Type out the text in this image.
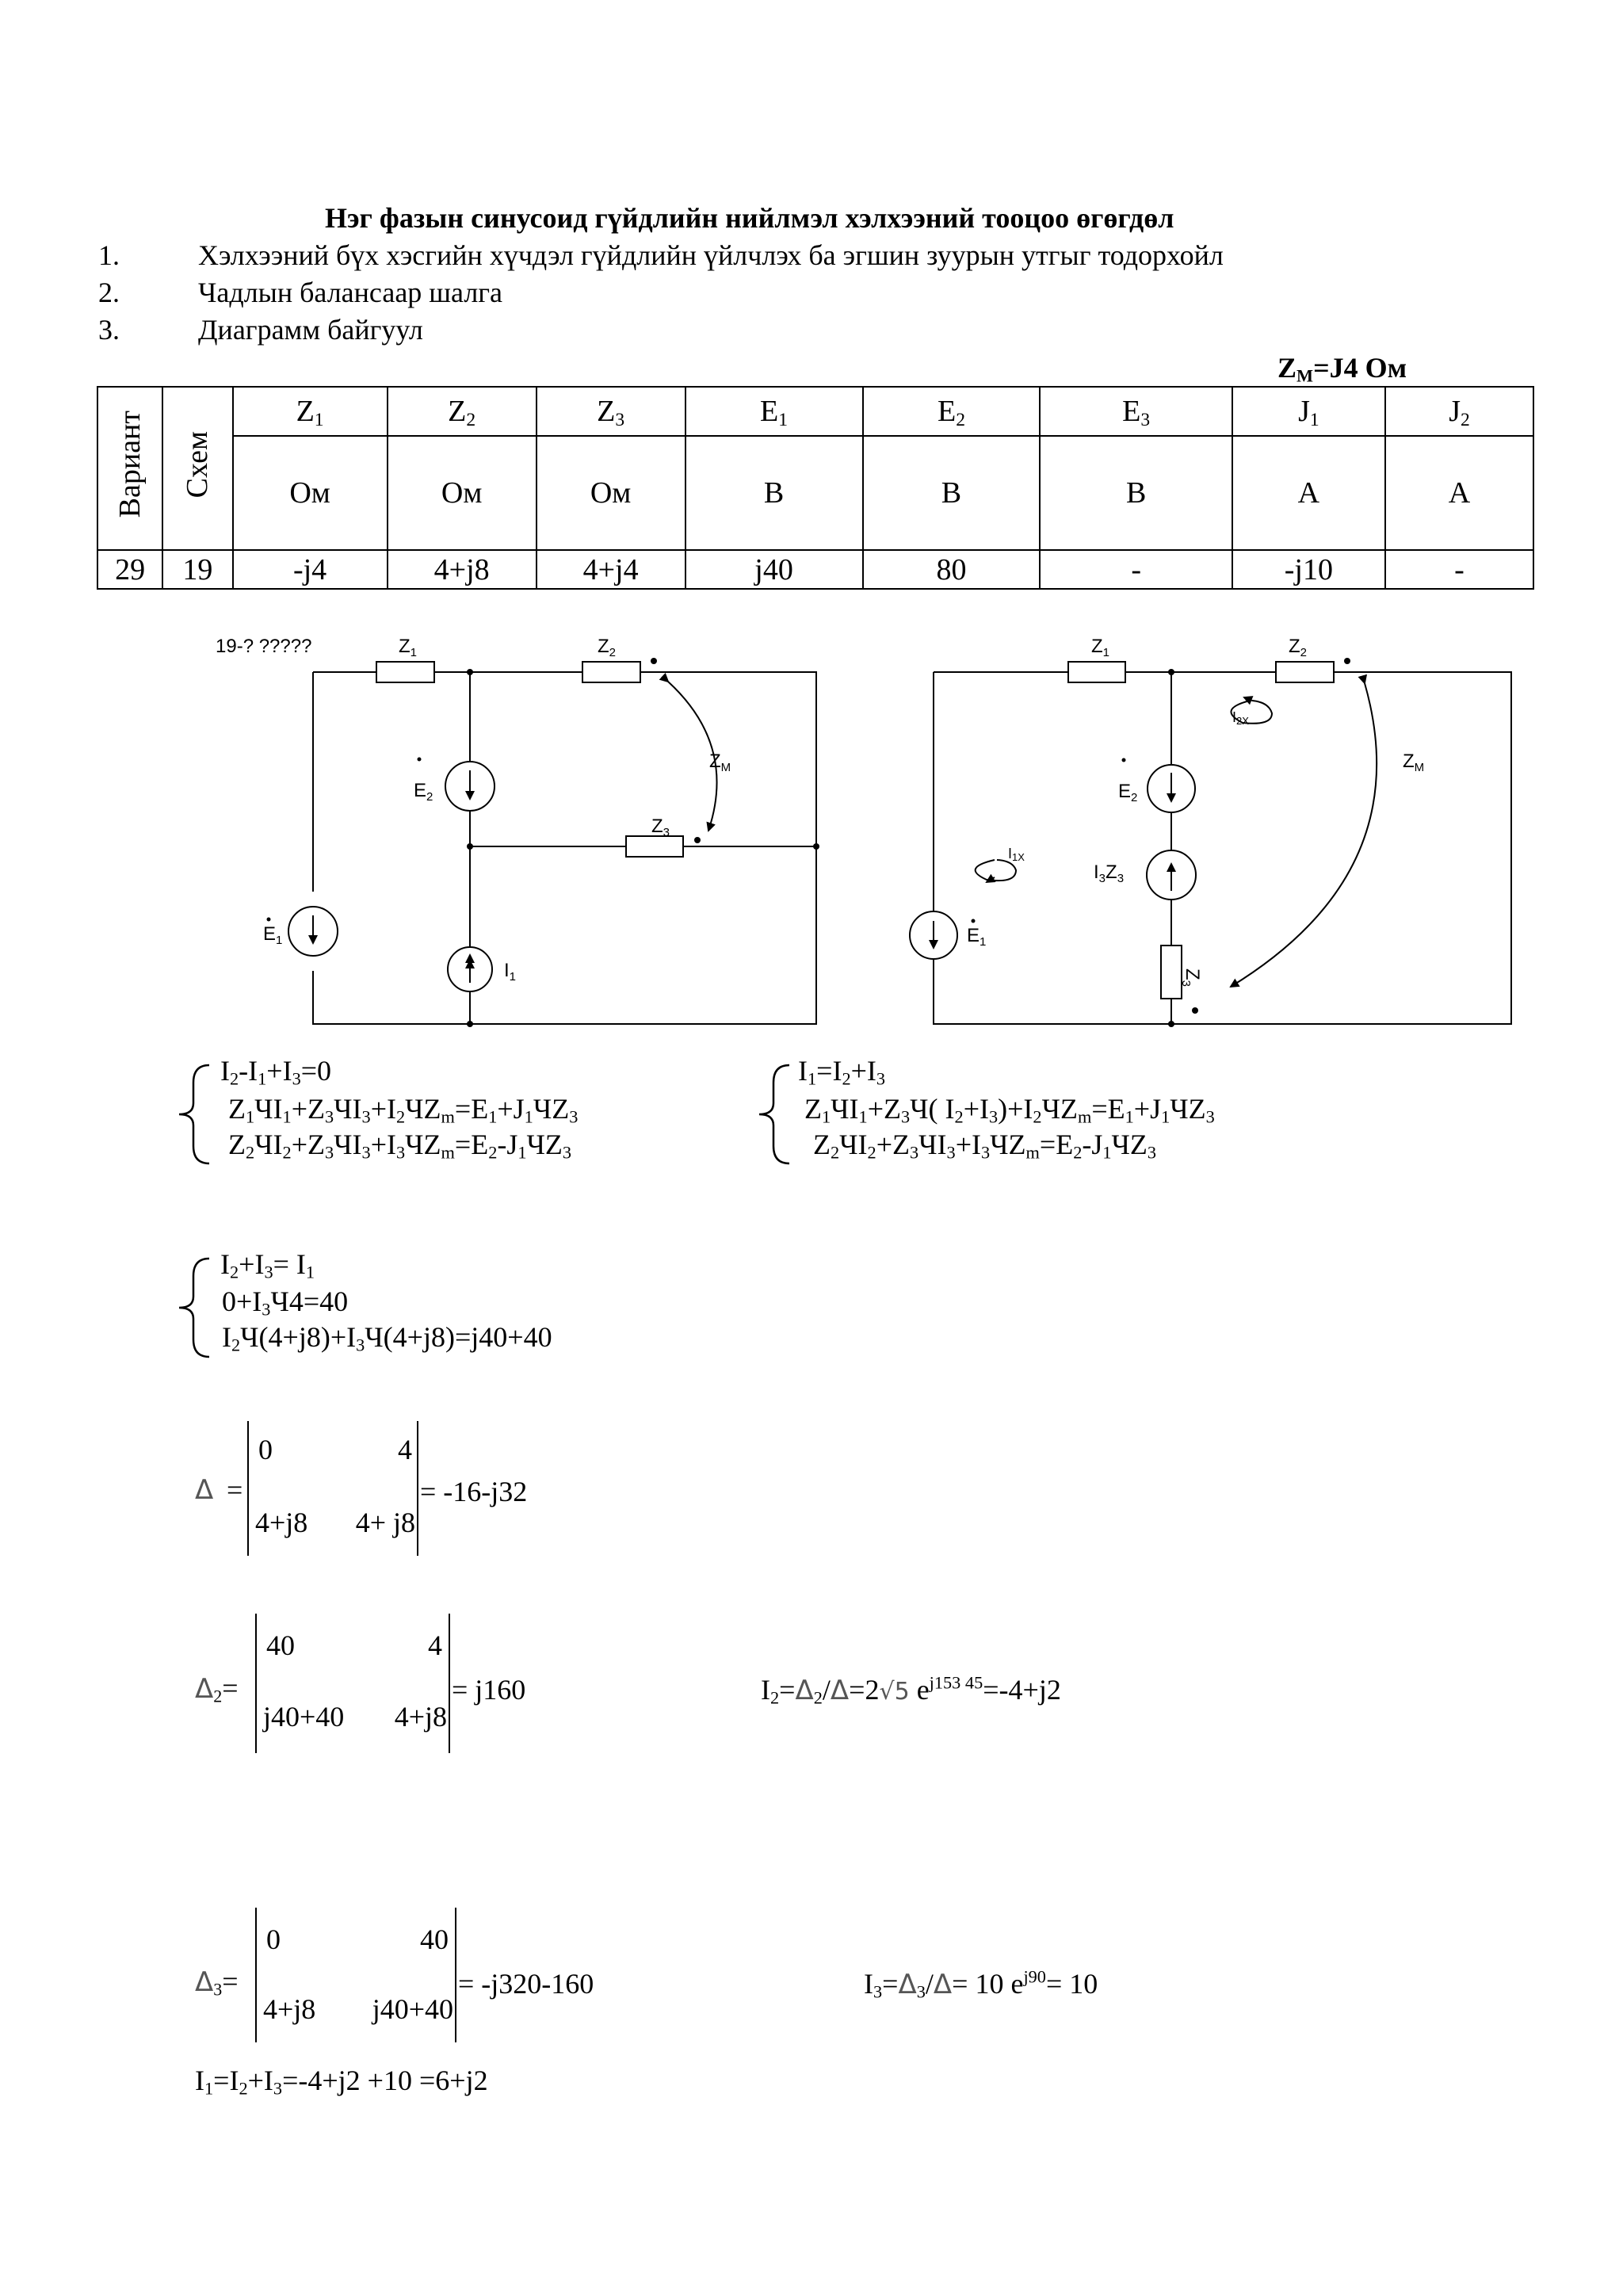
Нэг фазын синусоид гүйдлийн нийлмэл хэлхээний тооцоо өгөгдөл
1.	Хэлхээний бүх хэсгийн хүчдэл гүйдлийн үйлчлэх ба эгшин зуурын утгыг тодорхойл
2.	Чадлын балансаар шалга
3.	Диаграмм байгуул
$Z_M=J4$ Ом
Вариант	Схем	$Z_1$	$Z_2$	$Z_3$	$E_1$	$E_2$	$E_3$	$J_1$	$J_2$
		Ом	Ом	Ом	В	В	В	А	А
29	19	-j4	4+j8	4+j4	j40	80	-	-j10	-
19-? ?????	$Z_1$	$Z_2$
$Z_3$
$Z_M$
$E_2$
$E_1$
$I_1$
$Z_1$	$Z_2$
$Z_M$
I2X
I1X
$E_2$
$I_3Z_3$
$E_1$
$Z_3$
$I_2-I_1+I_3=0$
$Z_1ЧI_1+Z_3ЧI_3+I_2ЧZ_m=E_1+J_1ЧZ_3$
$Z_2ЧI_2+Z_3ЧI_3+I_3ЧZ_m=E_2-J_1ЧZ_3$
$I_1=I_2+I_3$
$Z_1ЧI_1+Z_3Ч$( $I_2+I_3)+I_2ЧZ_m=E_1+J_1ЧZ_3$
$Z_2ЧI_2+Z_3ЧI_3+I_3ЧZ_m=E_2-J_1ЧZ_3$
$I_2+I_3= I_1$
$0+I_3Ч4=40$
$I_2Ч(4+j8)+I_3Ч(4+j8)=j40+40$
Δ =
0	4
4+j8 4+ j8
= -16-j32
$\Delta_2=$
40	4
j40+40 4+j8
= j160	$I_2=\Delta_2/\Delta=2√5$ $e^{j153 45}=-4+j2$
$\Delta_3=$
0	40
4+j8 j40+40
= -j320-160	$I_3=\Delta_3/\Delta= 10$ $e^{j90}= 10$
$I_1=I_2+I_3=-4+j2 +10 =6+j2$
